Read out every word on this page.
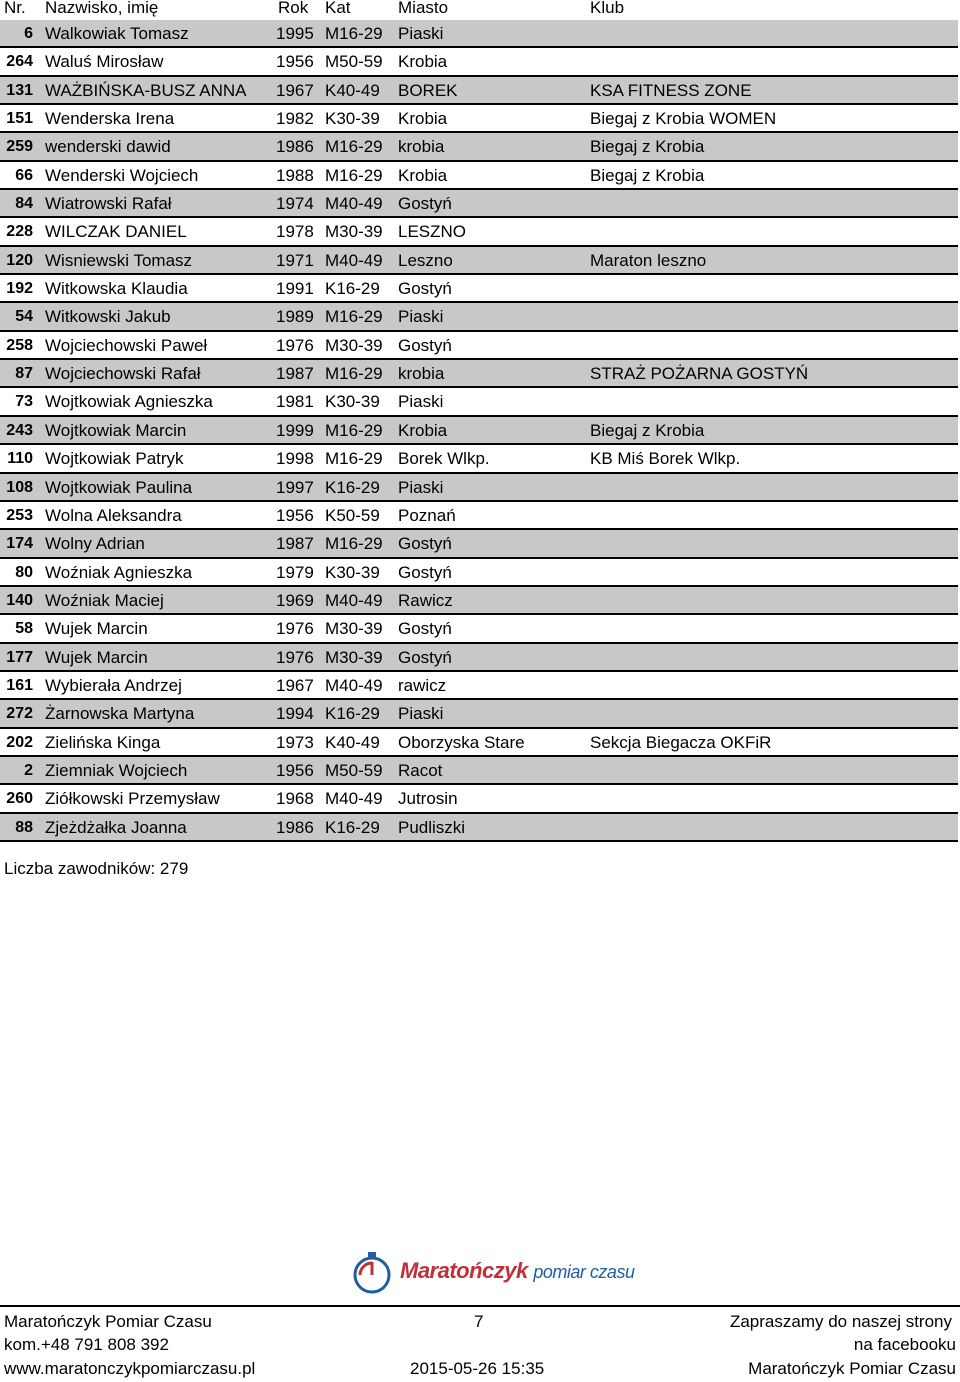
Nr. Nazwisko, imię	Rok Kat	Miasto	Klub
6 Walkowiak Tomasz	1995 M16-29 Piaski
264 Waluś Mirosław	1956 M50-59 Krobia
131 WAŻBIŃSKA-BUSZ ANNA 1967 K40-49 BOREK	KSA FITNESS ZONE
151 Wenderska Irena	1982 K30-39 Krobia	Biegaj z Krobia WOMEN
259 wenderski dawid	1986 M16-29 krobia	Biegaj z Krobia
66 Wenderski Wojciech	1988 M16-29 Krobia	Biegaj z Krobia
84 Wiatrowski Rafał	1974 M40-49 Gostyń
228 WILCZAK DANIEL	1978 M30-39 LESZNO
120 Wisniewski Tomasz	1971 M40-49 Leszno	Maraton leszno
192 Witkowska Klaudia	1991 K16-29 Gostyń
54 Witkowski Jakub	1989 M16-29 Piaski
258 Wojciechowski Paweł	1976 M30-39 Gostyń
87 Wojciechowski Rafał	1987 M16-29 krobia	STRAŻ POŻARNA GOSTYŃ
73 Wojtkowiak Agnieszka	1981 K30-39 Piaski
243 Wojtkowiak Marcin	1999 M16-29 Krobia	Biegaj z Krobia
110 Wojtkowiak Patryk	1998 M16-29 Borek Wlkp.	KB Miś Borek Wlkp.
108 Wojtkowiak Paulina	1997 K16-29 Piaski
253 Wolna Aleksandra	1956 K50-59 Poznań
174 Wolny Adrian	1987 M16-29 Gostyń
80 Woźniak Agnieszka	1979 K30-39 Gostyń
140 Woźniak Maciej	1969 M40-49 Rawicz
58 Wujek Marcin	1976 M30-39 Gostyń
177 Wujek Marcin	1976 M30-39 Gostyń
161 Wybierała Andrzej	1967 M40-49 rawicz
272 Żarnowska Martyna	1994 K16-29 Piaski
202 Zielińska Kinga	1973 K40-49 Oborzyska Stare	Sekcja Biegacza OKFiR
2 Ziemniak Wojciech	1956 M50-59 Racot
260 Ziółkowski Przemysław	1968 M40-49 Jutrosin
88 Zjeżdżałka Joanna	1986 K16-29 Pudliszki
Liczba zawodników: 279
Maratończyk pomiar czasu
Maratończyk Pomiar Czasu
kom.+48 791 808 392
www.maratonczykpomiarczasu.pl
7
2015-05-26 15:35
Zapraszamy do naszej strony
na facebooku
Maratończyk Pomiar Czasu
